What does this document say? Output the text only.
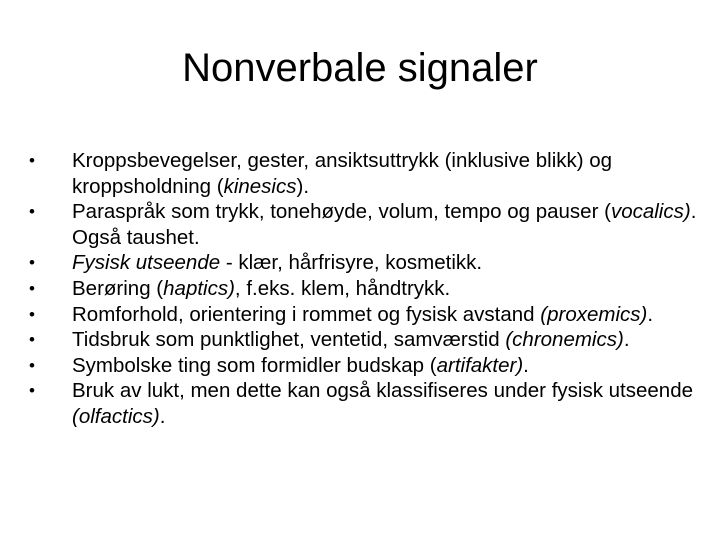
Nonverbale signaler
• Kroppsbevegelser, gester, ansiktsuttrykk (inklusive blikk) og kroppsholdning (kinesics).
• Paraspråk som trykk, tonehøyde, volum, tempo og pauser (vocalics). Også taushet.
• Fysisk utseende - klær, hårfrisyre, kosmetikk.
• Berøring (haptics), f.eks. klem, håndtrykk.
• Romforhold, orientering i rommet og fysisk avstand (proxemics).
• Tidsbruk som punktlighet, ventetid, samværstid (chronemics).
• Symbolske ting som formidler budskap (artifakter).
• Bruk av lukt, men dette kan også klassifiseres under fysisk utseende (olfactics).
